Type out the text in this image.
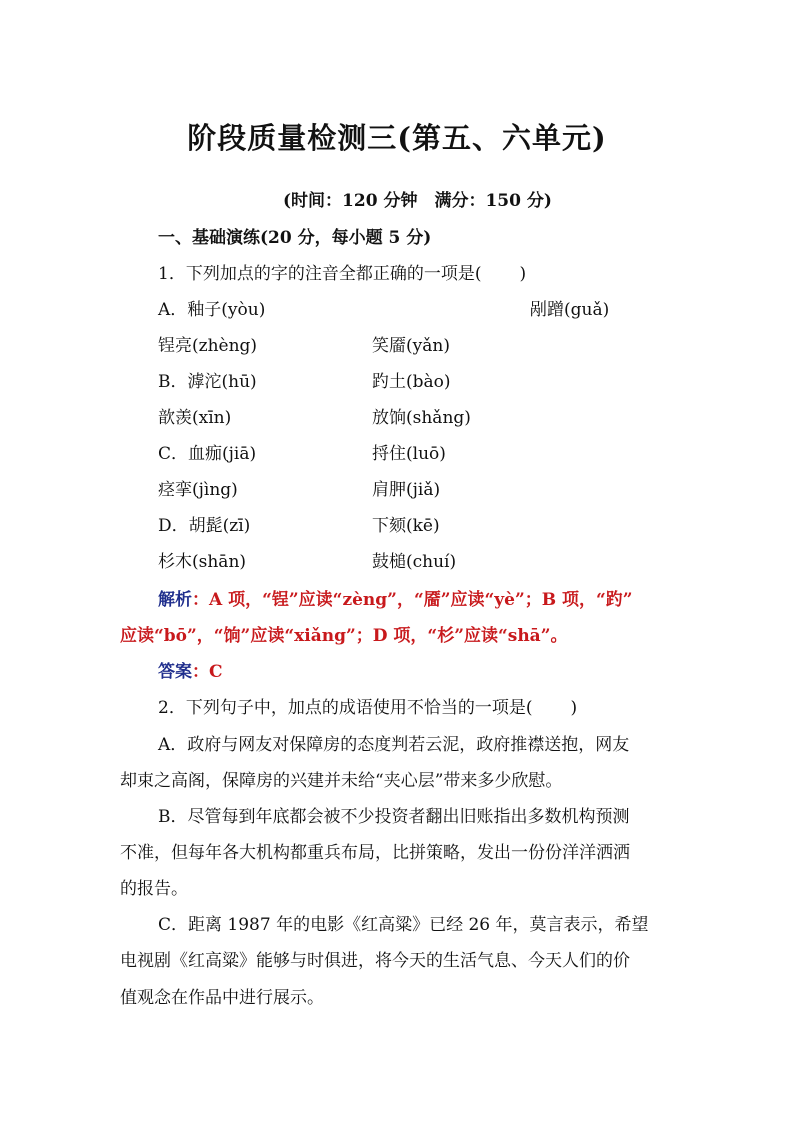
阶段质量检测三(第五、六单元)
(时间：120 分钟　满分：150 分)
一、基础演练(20 分，每小题 5 分)
1．下列加点的字的注音全都正确的一项是( )
A．釉子(yòu)	剐蹭(guǎ)
锃亮(zhèng)	笑靥(yǎn)
B．滹沱(hū)	趵土(bào)
歆羡(xīn)	放饷(shǎng)
C．血痂(jiā)	捋住(luō)
痉挛(jìng)	肩胛(jiǎ)
D．胡髭(zī)	下颏(kē)
杉木(shān)	鼓槌(chuí)
解析：A 项，“锃”应读“zèng”，“靥”应读“yè”；B 项，“趵”
应读“bō”，“饷”应读“xiǎng”；D 项，“杉”应读“shā”。
答案：C
2．下列句子中，加点的成语使用不恰当的一项是( )
A．政府与网友对保障房的态度判若云泥，政府推襟送抱，网友
却束之高阁，保障房的兴建并未给“夹心层”带来多少欣慰。
B．尽管每到年底都会被不少投资者翻出旧账指出多数机构预测
不准，但每年各大机构都重兵布局，比拼策略，发出一份份洋洋洒洒
的报告。
C．距离 1987 年的电影《红高粱》已经 26 年，莫言表示，希望
电视剧《红高粱》能够与时俱进，将今天的生活气息、今天人们的价
值观念在作品中进行展示。
